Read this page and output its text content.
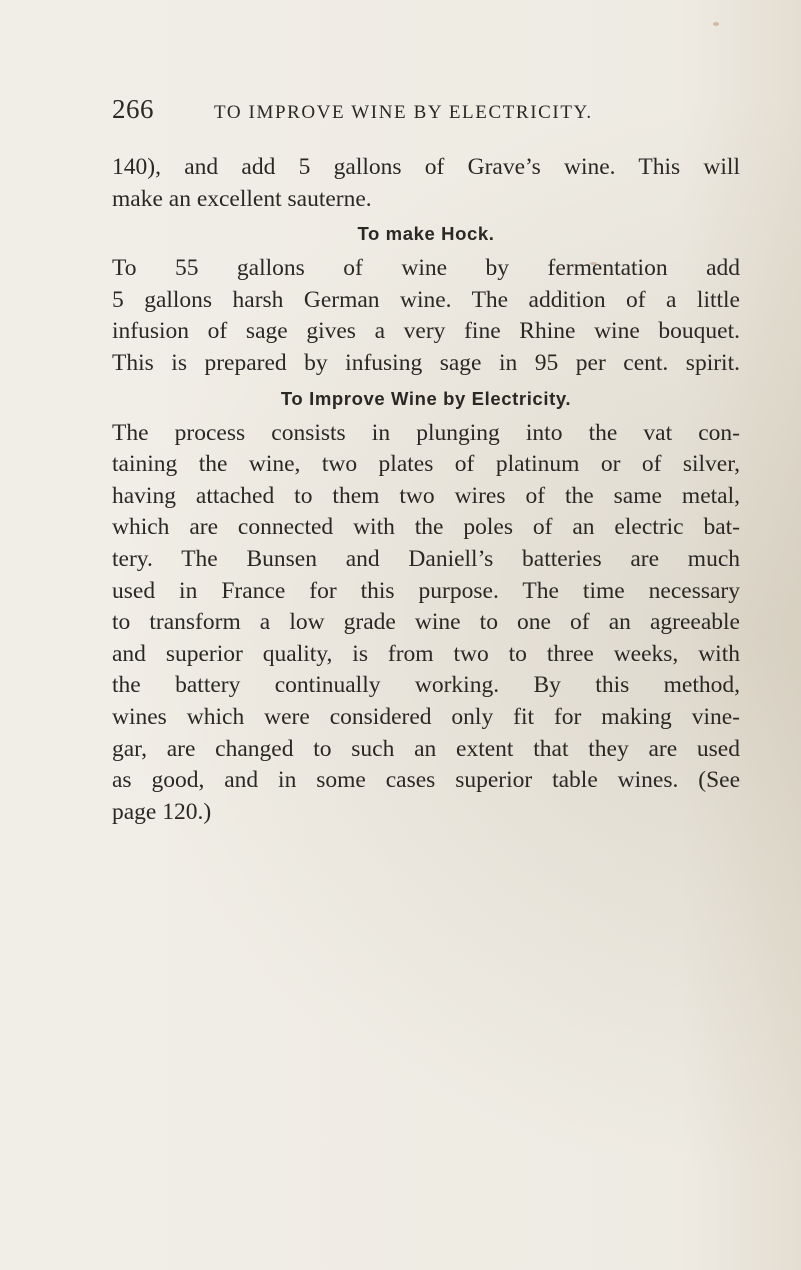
266	TO IMPROVE WINE BY ELECTRICITY.

140), and add 5 gallons of Grave’s wine. This will
make an excellent sauterne.

To make Hock.

To 55 gallons of wine by fermentation add
5 gallons harsh German wine. The addition of a little
infusion of sage gives a very fine Rhine wine bouquet.
This is prepared by infusing sage in 95 per cent. spirit.

To Improve Wine by Electricity.

The process consists in plunging into the vat con-
taining the wine, two plates of platinum or of silver,
having attached to them two wires of the same metal,
which are connected with the poles of an electric bat-
tery. The Bunsen and Daniell’s batteries are much
used in France for this purpose. The time necessary
to transform a low grade wine to one of an agreeable
and superior quality, is from two to three weeks, with
the battery continually working. By this method,
wines which were considered only fit for making vine-
gar, are changed to such an extent that they are used
as good, and in some cases superior table wines. (See
page 120.)
